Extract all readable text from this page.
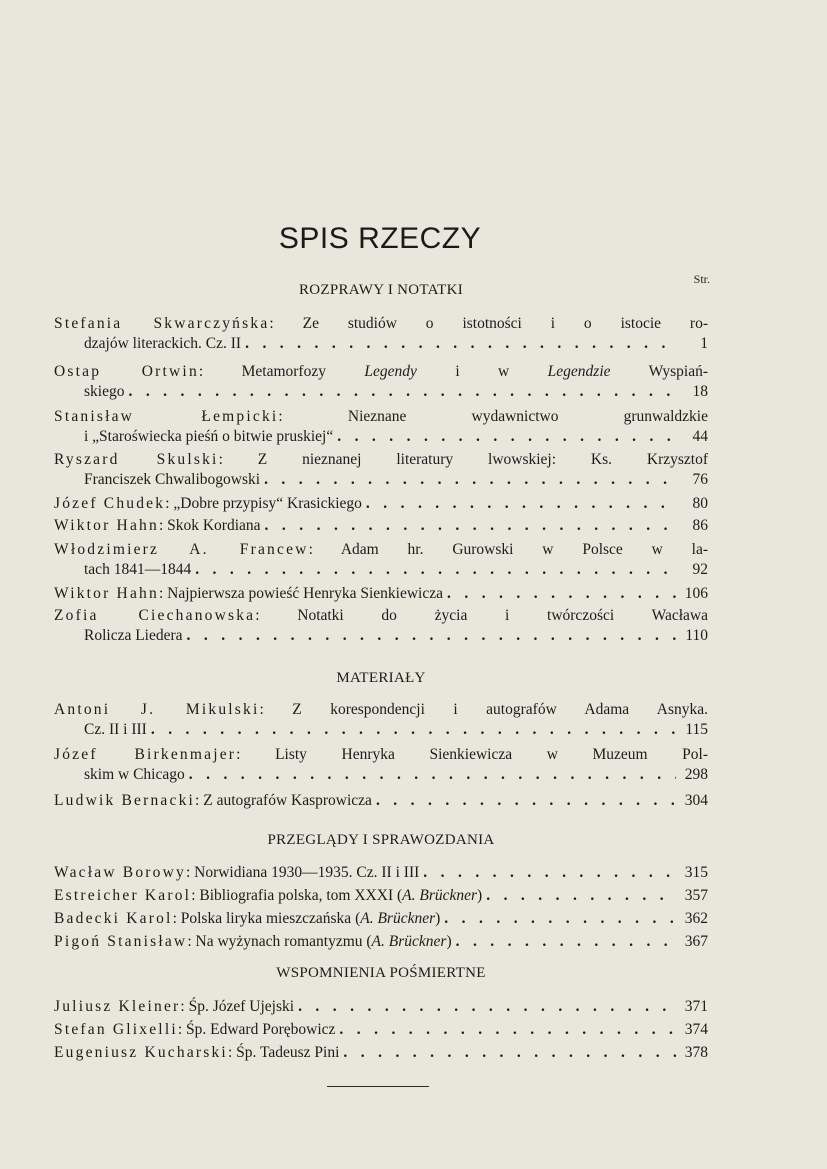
SPIS RZECZY
Str.
ROZPRAWY I NOTATKI
Stefania Skwarczyńska: Ze studiów o istotności i o istocie ro-
dzajów literackich. Cz. II . . .	1
Ostap Ortwin: Metamorfozy Legendy i w Legendzie Wyspiań-
skiego . . .	18
Stanisław Łempicki: Nieznane wydawnictwo grunwaldzkie
i „Staroświecka pieśń o bitwie pruskiej“ . . .	44
Ryszard Skulski: Z nieznanej literatury lwowskiej: Ks. Krzysztof
Franciszek Chwalibogowski . . .	76
Józef Chudek : „Dobre przypisy“ Krasickiego . . .	80
Wiktor Hahn : Skok Kordiana . . .	86
Włodzimierz A. Francew: Adam hr. Gurowski w Polsce w la-
tach 1841—1844 . . .	92
Wiktor Hahn : Najpierwsza powieść Henryka Sienkiewicza . . .	106
Zofia Ciechanowska: Notatki do życia i twórczości Wacława
Rolicza Liedera . . .	110
MATERIAŁY
Antoni J. Mikulski: Z korespondencji i autografów Adama Asnyka.
Cz. II i III . . .	115
Józef Birkenmajer: Listy Henryka Sienkiewicza w Muzeum Pol-
skim w Chicago . . .	298
Ludwik Bernacki : Z autografów Kasprowicza . . .	304
PRZEGLĄDY I SPRAWOZDANIA
Wacław Borowy : Norwidiana 1930—1935. Cz. II i III . . .	315
Estreicher Karol : Bibliografia polska, tom XXXI ( A. Brückner ) . . .	357
Badecki Karol : Polska liryka mieszczańska ( A. Brückner ) . . .	362
Pigoń Stanisław : Na wyżynach romantyzmu ( A. Brückner ) . . .	367
WSPOMNIENIA POŚMIERTNE
Juliusz Kleiner : Śp. Józef Ujejski . . .	371
Stefan Glixelli : Śp. Edward Porębowicz . . .	374
Eugeniusz Kucharski : Śp. Tadeusz Pini . . .	378
